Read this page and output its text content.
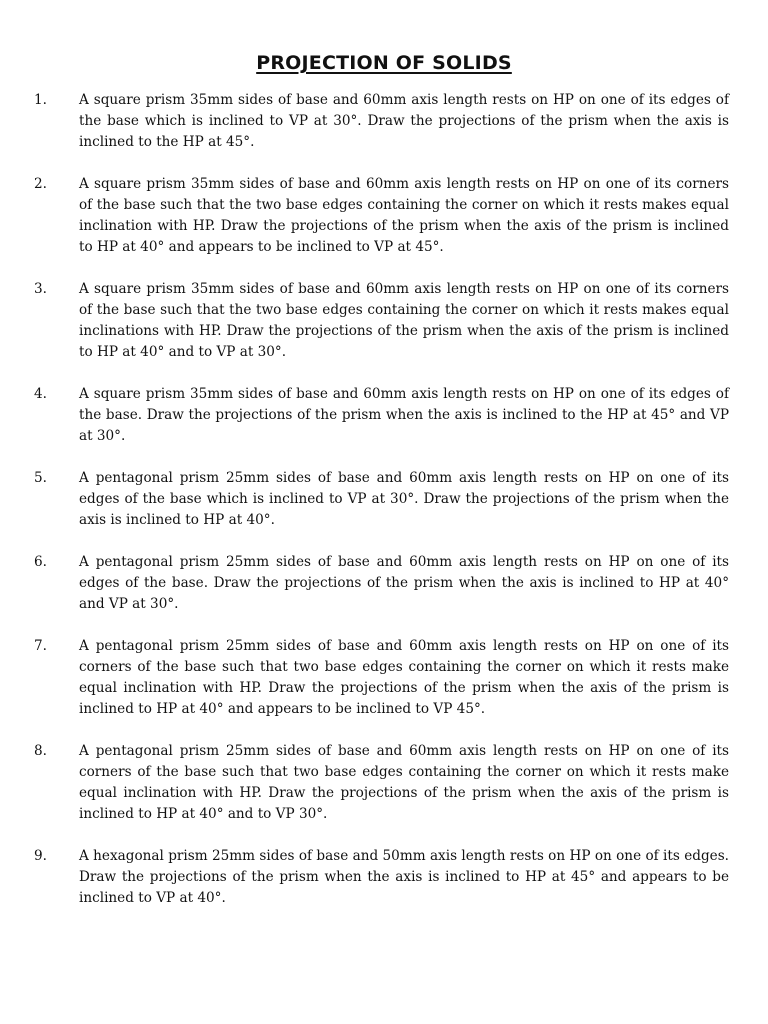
PROJECTION OF SOLIDS
1.	A square prism 35mm sides of base and 60mm axis length rests on HP on one of its edges of the base which is inclined to VP at 30°. Draw the projections of the prism when the axis is inclined to the HP at 45°.
2.	A square prism 35mm sides of base and 60mm axis length rests on HP on one of its corners of the base such that the two base edges containing the corner on which it rests makes equal inclination with HP. Draw the projections of the prism when the axis of the prism is inclined to HP at 40° and appears to be inclined to VP at 45°.
3.	A square prism 35mm sides of base and 60mm axis length rests on HP on one of its corners of the base such that the two base edges containing the corner on which it rests makes equal inclinations with HP. Draw the projections of the prism when the axis of the prism is inclined to HP at 40° and to VP at 30°.
4.	A square prism 35mm sides of base and 60mm axis length rests on HP on one of its edges of the base. Draw the projections of the prism when the axis is inclined to the HP at 45° and VP at 30°.
5.	A pentagonal prism 25mm sides of base and 60mm axis length rests on HP on one of its edges of the base which is inclined to VP at 30°. Draw the projections of the prism when the axis is inclined to HP at 40°.
6.	A pentagonal prism 25mm sides of base and 60mm axis length rests on HP on one of its edges of the base. Draw the projections of the prism when the axis is inclined to HP at 40° and VP at 30°.
7.	A pentagonal prism 25mm sides of base and 60mm axis length rests on HP on one of its corners of the base such that two base edges containing the corner on which it rests make equal inclination with HP. Draw the projections of the prism when the axis of the prism is inclined to HP at 40° and appears to be inclined to VP 45°.
8.	A pentagonal prism 25mm sides of base and 60mm axis length rests on HP on one of its corners of the base such that two base edges containing the corner on which it rests make equal inclination with HP. Draw the projections of the prism when the axis of the prism is inclined to HP at 40° and to VP 30°.
9.	A hexagonal prism 25mm sides of base and 50mm axis length rests on HP on one of its edges. Draw the projections of the prism when the axis is inclined to HP at 45° and appears to be inclined to VP at 40°.
